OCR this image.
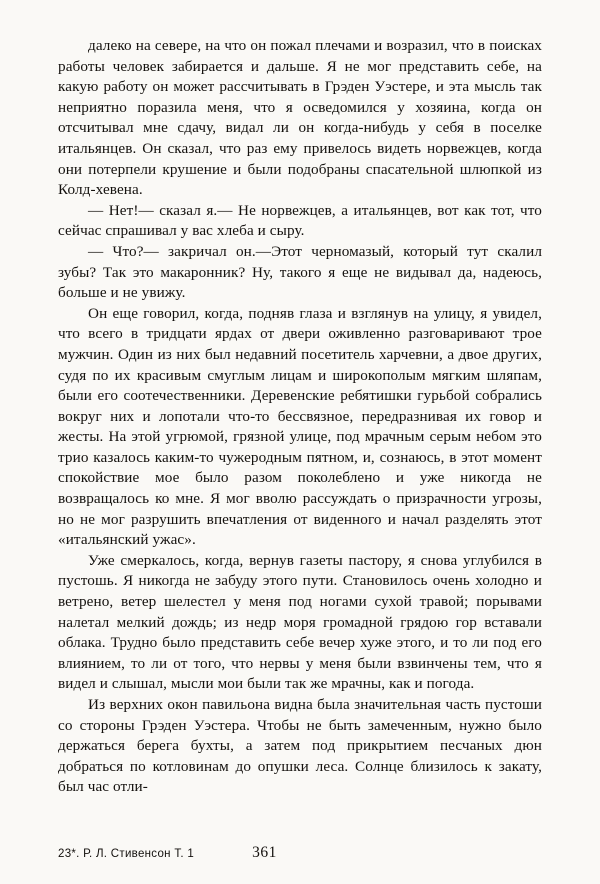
далеко на севере, на что он пожал плечами и возразил, что в поисках работы человек забирается и дальше. Я не мог представить себе, на какую работу он может рассчитывать в Грэден Уэстере, и эта мысль так неприятно поразила меня, что я осведомился у хозяина, когда он отсчитывал мне сдачу, видал ли он когда-нибудь у себя в поселке итальянцев. Он сказал, что раз ему привелось видеть норвежцев, когда они потерпели крушение и были подобраны спасательной шлюпкой из Колд-хевена.

— Нет!— сказал я.— Не норвежцев, а итальянцев, вот как тот, что сейчас спрашивал у вас хлеба и сыру.

— Что?— закричал он.—Этот черномазый, который тут скалил зубы? Так это макаронник? Ну, такого я еще не видывал да, надеюсь, больше и не увижу.

Он еще говорил, когда, подняв глаза и взглянув на улицу, я увидел, что всего в тридцати ярдах от двери оживленно разговаривают трое мужчин. Один из них был недавний посетитель харчевни, а двое других, судя по их красивым смуглым лицам и широкополым мягким шляпам, были его соотечественники. Деревенские ребятишки гурьбой собрались вокруг них и лопотали что-то бессвязное, передразнивая их говор и жесты. На этой угрюмой, грязной улице, под мрачным серым небом это трио казалось каким-то чужеродным пятном, и, сознаюсь, в этот момент спокойствие мое было разом поколеблено и уже никогда не возвращалось ко мне. Я мог вволю рассуждать о призрачности угрозы, но не мог разрушить впечатления от виденного и начал разделять этот «итальянский ужас».

Уже смеркалось, когда, вернув газеты пастору, я снова углубился в пустошь. Я никогда не забуду этого пути. Становилось очень холодно и ветрено, ветер шелестел у меня под ногами сухой травой; порывами налетал мелкий дождь; из недр моря громадной грядою гор вставали облака. Трудно было представить себе вечер хуже этого, и то ли под его влиянием, то ли от того, что нервы у меня были взвинчены тем, что я видел и слышал, мысли мои были так же мрачны, как и погода.

Из верхних окон павильона видна была значительная часть пустоши со стороны Грэден Уэстера. Чтобы не быть замеченным, нужно было держаться берега бухты, а затем под прикрытием песчаных дюн добраться по котловинам до опушки леса. Солнце близилось к закату, был час отли-

23*. Р. Л. Стивенсон Т. 1	361
